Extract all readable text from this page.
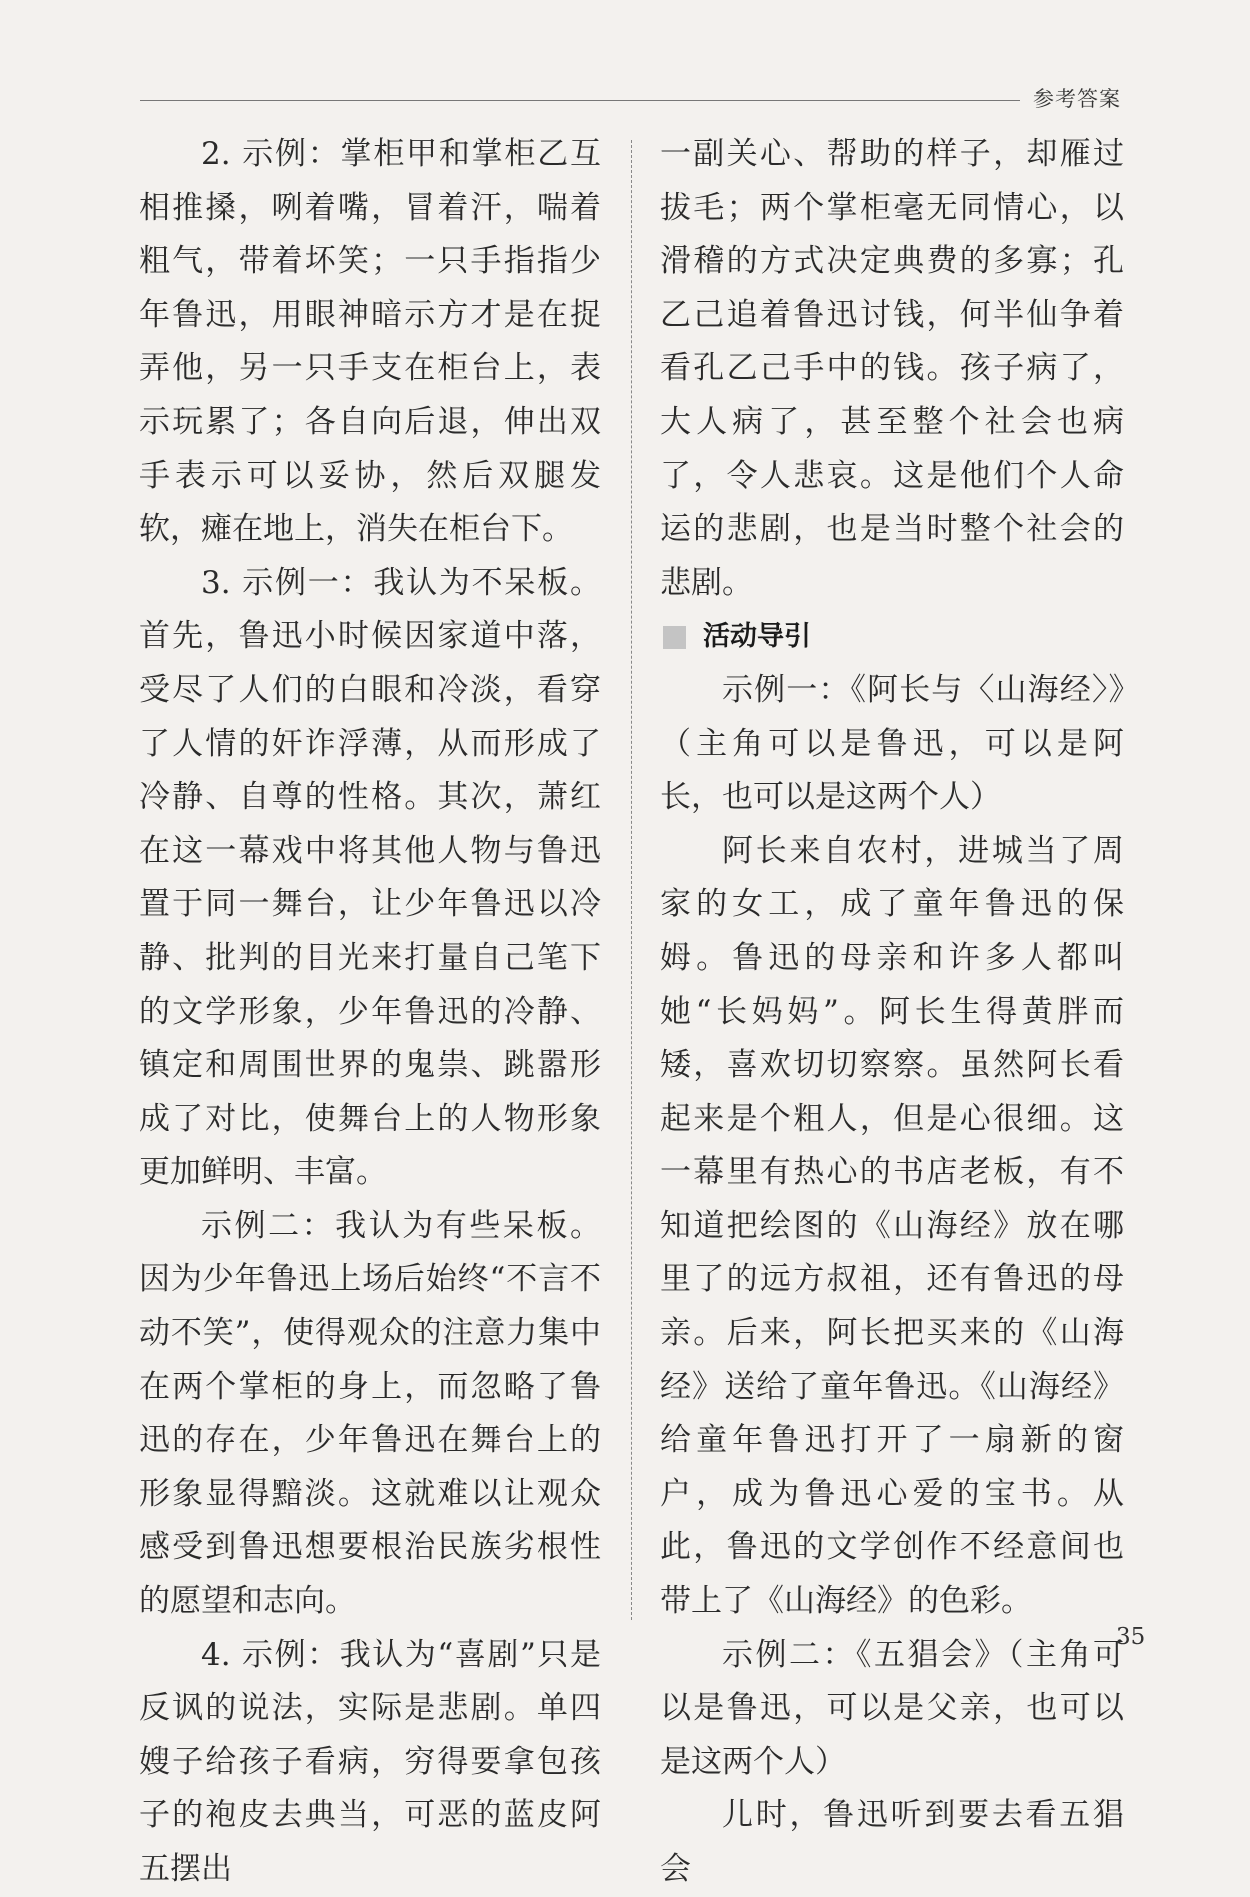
参考答案

2. 示例：掌柜甲和掌柜乙互相推搡，咧着嘴，冒着汗，喘着粗气，带着坏笑；一只手指指少年鲁迅，用眼神暗示方才是在捉弄他，另一只手支在柜台上，表示玩累了；各自向后退，伸出双手表示可以妥协，然后双腿发软，瘫在地上，消失在柜台下。

3. 示例一：我认为不呆板。首先，鲁迅小时候因家道中落，受尽了人们的白眼和冷淡，看穿了人情的奸诈浮薄，从而形成了冷静、自尊的性格。其次，萧红在这一幕戏中将其他人物与鲁迅置于同一舞台，让少年鲁迅以冷静、批判的目光来打量自己笔下的文学形象，少年鲁迅的冷静、镇定和周围世界的鬼祟、跳嚣形成了对比，使舞台上的人物形象更加鲜明、丰富。

示例二：我认为有些呆板。因为少年鲁迅上场后始终“不言不动不笑”，使得观众的注意力集中在两个掌柜的身上，而忽略了鲁迅的存在，少年鲁迅在舞台上的形象显得黯淡。这就难以让观众感受到鲁迅想要根治民族劣根性的愿望和志向。

4. 示例：我认为“喜剧”只是反讽的说法，实际是悲剧。单四嫂子给孩子看病，穷得要拿包孩子的袍皮去典当，可恶的蓝皮阿五摆出

一副关心、帮助的样子，却雁过拔毛；两个掌柜毫无同情心，以滑稽的方式决定典费的多寡；孔乙己追着鲁迅讨钱，何半仙争着看孔乙己手中的钱。孩子病了，大人病了，甚至整个社会也病了，令人悲哀。这是他们个人命运的悲剧，也是当时整个社会的悲剧。

活动导引

示例一：《阿长与〈山海经〉》（主角可以是鲁迅，可以是阿长，也可以是这两个人）

阿长来自农村，进城当了周家的女工，成了童年鲁迅的保姆。鲁迅的母亲和许多人都叫她“长妈妈”。阿长生得黄胖而矮，喜欢切切察察。虽然阿长看起来是个粗人，但是心很细。这一幕里有热心的书店老板，有不知道把绘图的《山海经》放在哪里了的远方叔祖，还有鲁迅的母亲。后来，阿长把买来的《山海经》送给了童年鲁迅。《山海经》给童年鲁迅打开了一扇新的窗户，成为鲁迅心爱的宝书。从此，鲁迅的文学创作不经意间也带上了《山海经》的色彩。

示例二：《五猖会》（主角可以是鲁迅，可以是父亲，也可以是这两个人）

儿时，鲁迅听到要去看五猖会

35
